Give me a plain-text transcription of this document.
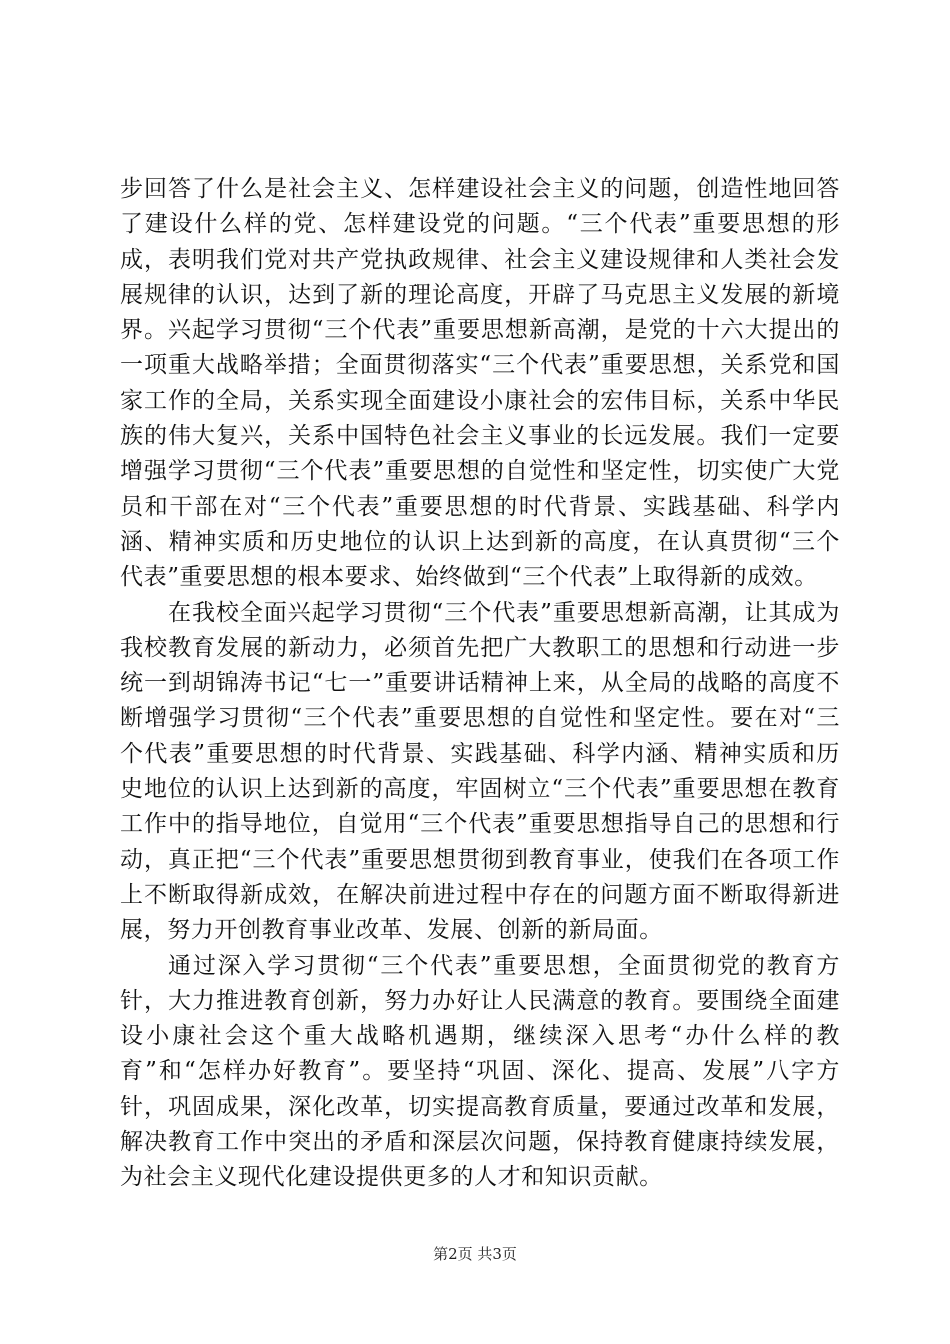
步回答了什么是社会主义、怎样建设社会主义的问题，创造性地回答了建设什么样的党、怎样建设党的问题。“三个代表”重要思想的形成，表明我们党对共产党执政规律、社会主义建设规律和人类社会发展规律的认识，达到了新的理论高度，开辟了马克思主义发展的新境界。兴起学习贯彻“三个代表”重要思想新高潮，是党的十六大提出的一项重大战略举措；全面贯彻落实“三个代表”重要思想，关系党和国家工作的全局，关系实现全面建设小康社会的宏伟目标，关系中华民族的伟大复兴，关系中国特色社会主义事业的长远发展。我们一定要增强学习贯彻“三个代表”重要思想的自觉性和坚定性，切实使广大党员和干部在对“三个代表”重要思想的时代背景、实践基础、科学内涵、精神实质和历史地位的认识上达到新的高度，在认真贯彻“三个代表”重要思想的根本要求、始终做到“三个代表”上取得新的成效。

在我校全面兴起学习贯彻“三个代表”重要思想新高潮，让其成为我校教育发展的新动力，必须首先把广大教职工的思想和行动进一步统一到胡锦涛书记“七一”重要讲话精神上来，从全局的战略的高度不断增强学习贯彻“三个代表”重要思想的自觉性和坚定性。要在对“三个代表”重要思想的时代背景、实践基础、科学内涵、精神实质和历史地位的认识上达到新的高度，牢固树立“三个代表”重要思想在教育工作中的指导地位，自觉用“三个代表”重要思想指导自己的思想和行动，真正把“三个代表”重要思想贯彻到教育事业，使我们在各项工作上不断取得新成效，在解决前进过程中存在的问题方面不断取得新进展，努力开创教育事业改革、发展、创新的新局面。

通过深入学习贯彻“三个代表”重要思想，全面贯彻党的教育方针，大力推进教育创新，努力办好让人民满意的教育。要围绕全面建设小康社会这个重大战略机遇期，继续深入思考“办什么样的教育”和“怎样办好教育”。要坚持“巩固、深化、提高、发展”八字方针，巩固成果，深化改革，切实提高教育质量，要通过改革和发展，解决教育工作中突出的矛盾和深层次问题，保持教育健康持续发展，为社会主义现代化建设提供更多的人才和知识贡献。

第2页 共3页
